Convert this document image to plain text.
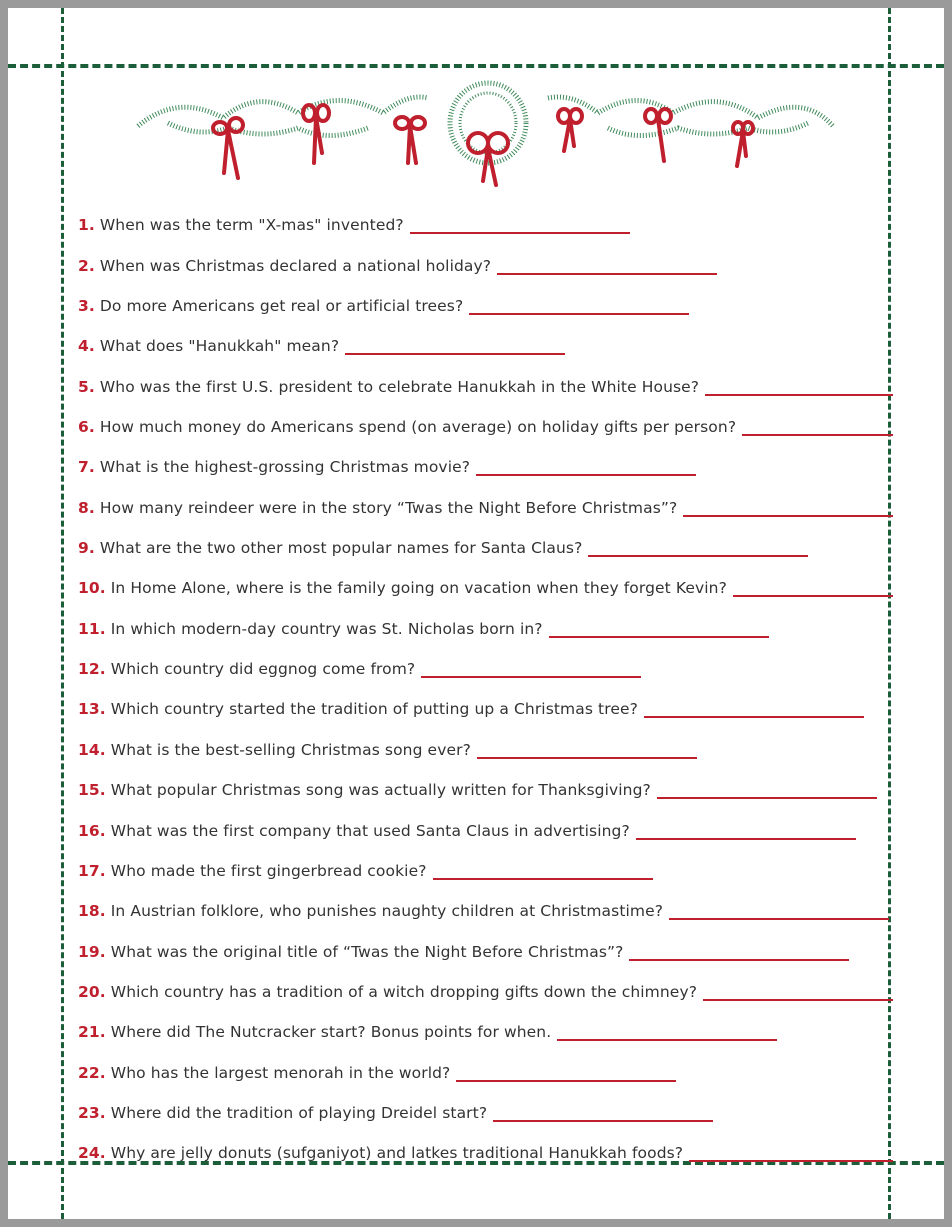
1. When was the term "X-mas" invented?
2. When was Christmas declared a national holiday?
3. Do more Americans get real or artificial trees?
4. What does "Hanukkah" mean?
5. Who was the first U.S. president to celebrate Hanukkah in the White House?
6. How much money do Americans spend (on average) on holiday gifts per person?
7. What is the highest-grossing Christmas movie?
8. How many reindeer were in the story “Twas the Night Before Christmas”?
9. What are the two other most popular names for Santa Claus?
10. In Home Alone, where is the family going on vacation when they forget Kevin?
11. In which modern-day country was St. Nicholas born in?
12. Which country did eggnog come from?
13. Which country started the tradition of putting up a Christmas tree?
14. What is the best-selling Christmas song ever?
15. What popular Christmas song was actually written for Thanksgiving?
16. What was the first company that used Santa Claus in advertising?
17. Who made the first gingerbread cookie?
18. In Austrian folklore, who punishes naughty children at Christmastime?
19. What was the original title of “Twas the Night Before Christmas”?
20. Which country has a tradition of a witch dropping gifts down the chimney?
21. Where did The Nutcracker start? Bonus points for when.
22. Who has the largest menorah in the world?
23. Where did the tradition of playing Dreidel start?
24. Why are jelly donuts (sufganiyot) and latkes traditional Hanukkah foods?
